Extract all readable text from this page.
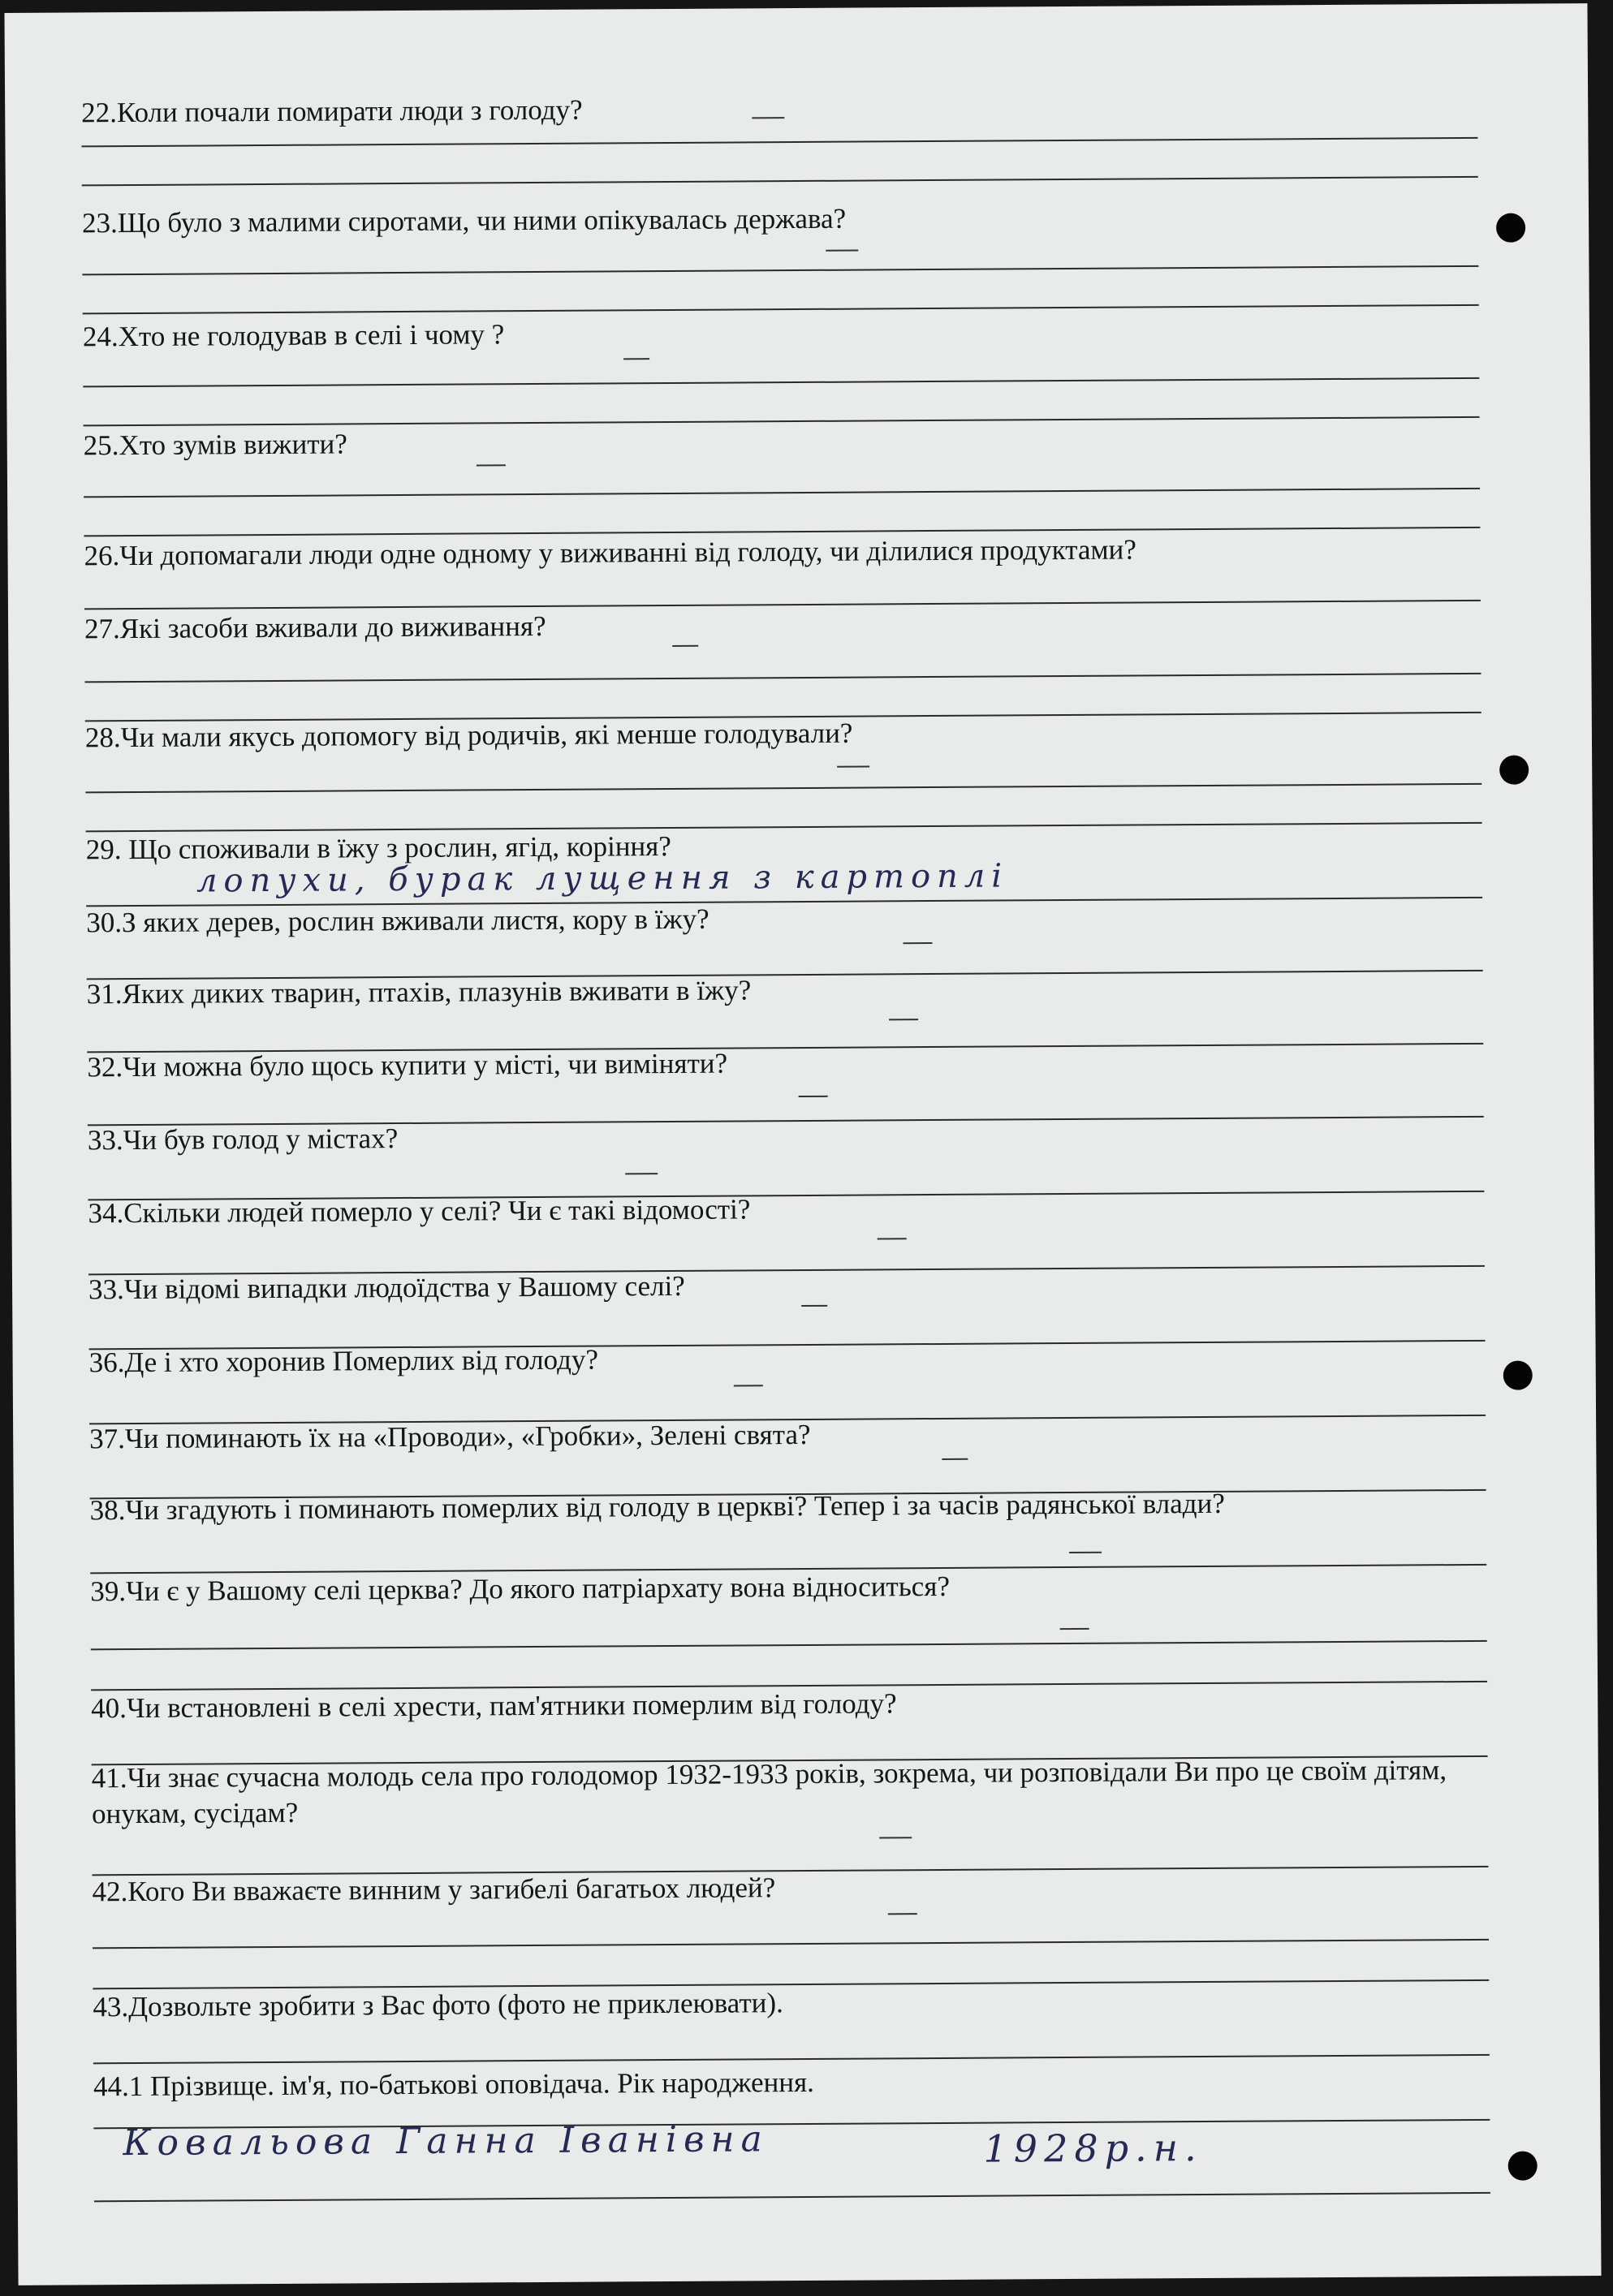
22.Коли почали помирати люди з голоду?
23.Що було з малими сиротами, чи ними опікувалась держава?
24.Хто не голодував в селі і чому ?
25.Хто зумів вижити?
26.Чи допомагали люди одне одному у виживанні від голоду, чи ділилися продуктами?
27.Які засоби вживали до виживання?
28.Чи мали якусь допомогу від родичів, які менше голодували?
29. Що споживали в їжу з рослин, ягід, коріння?
лопухи, бурак лущення з картоплі
30.З яких дерев, рослин вживали листя, кору в їжу?
31.Яких диких тварин, птахів, плазунів вживати в їжу?
32.Чи можна було щось купити у місті, чи виміняти?
33.Чи був голод у містах?
34.Скільки людей померло у селі? Чи є такі відомості?
33.Чи відомі випадки людоїдства у Вашому селі?
36.Де і хто хоронив Померлих від голоду?
37.Чи поминають їх на «Проводи», «Гробки», Зелені свята?
38.Чи згадують і поминають померлих від голоду в церкві? Тепер і за часів радянської влади?
39.Чи є у Вашому селі церква? До якого патріархату вона відноситься?
40.Чи встановлені в селі хрести, пам'ятники померлим від голоду?
41.Чи знає сучасна молодь села про голодомор 1932-1933 років, зокрема, чи розповідали Ви про це своїм дітям, онукам, сусідам?
42.Кого Ви вважаєте винним у загибелі багатьох людей?
43.Дозвольте зробити з Вас фото (фото не приклеювати).
44.1 Прізвище. ім'я, по-батькові оповідача. Рік народження.
Ковальова Ганна Іванівна	1928р.н.
